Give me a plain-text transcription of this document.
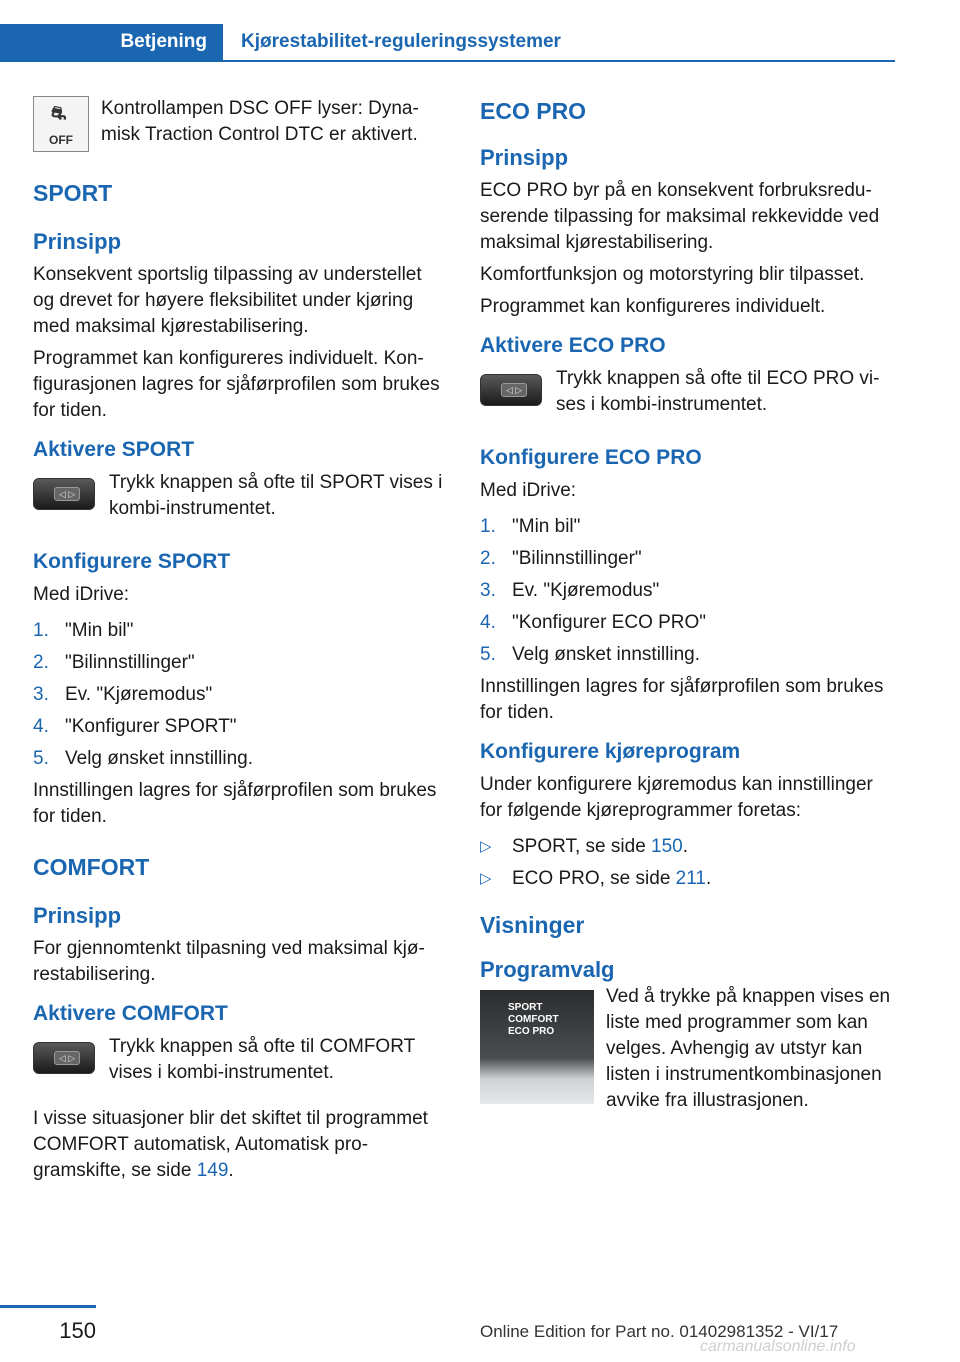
Betjening	Kjørestabilitet-reguleringssystemer
⛐
OFF

Kontrollampen DSC OFF lyser: Dynamisk Traction Control DTC er aktivert.

SPORT

Prinsipp

Konsekvent sportslig tilpassing av understellet og drevet for høyere fleksibilitet under kjøring med maksimal kjørestabilisering.

Programmet kan konfigureres individuelt. Konfigurasjonen lagres for sjåførprofilen som brukes for tiden.

Aktivere SPORT

◁ ▷

Trykk knappen så ofte til SPORT vises i kombi-instrumentet.

Konfigurere SPORT

Med iDrive:

1. "Min bil"
2. "Bilinnstillinger"
3. Ev. "Kjøremodus"
4. "Konfigurer SPORT"
5. Velg ønsket innstilling.

Innstillingen lagres for sjåførprofilen som brukes for tiden.

COMFORT

Prinsipp

For gjennomtenkt tilpasning ved maksimal kjørestabilisering.

Aktivere COMFORT

◁ ▷

Trykk knappen så ofte til COMFORT vises i kombi-instrumentet.

I visse situasjoner blir det skiftet til programmet COMFORT automatisk, Automatisk programskifte, se side 149.

ECO PRO

Prinsipp

ECO PRO byr på en konsekvent forbruksreduserende tilpassing for maksimal rekkevidde ved maksimal kjørestabilisering.

Komfortfunksjon og motorstyring blir tilpasset.

Programmet kan konfigureres individuelt.

Aktivere ECO PRO

◁ ▷

Trykk knappen så ofte til ECO PRO vises i kombi-instrumentet.

Konfigurere ECO PRO

Med iDrive:

1. "Min bil"
2. "Bilinnstillinger"
3. Ev. "Kjøremodus"
4. "Konfigurer ECO PRO"
5. Velg ønsket innstilling.

Innstillingen lagres for sjåførprofilen som brukes for tiden.

Konfigurere kjøreprogram

Under konfigurere kjøremodus kan innstillinger for følgende kjøreprogrammer foretas:

▷	SPORT, se side 150.
▷	ECO PRO, se side 211.

Visninger

Programvalg

SPORT
COMFORT
ECO PRO

Ved å trykke på knappen vises en liste med programmer som kan velges. Avhengig av utstyr kan listen i instrumentkombinasjonen avvike fra illustrasjonen.

150	Online Edition for Part no. 01402981352 - VI/17
carmanualsonline.info
